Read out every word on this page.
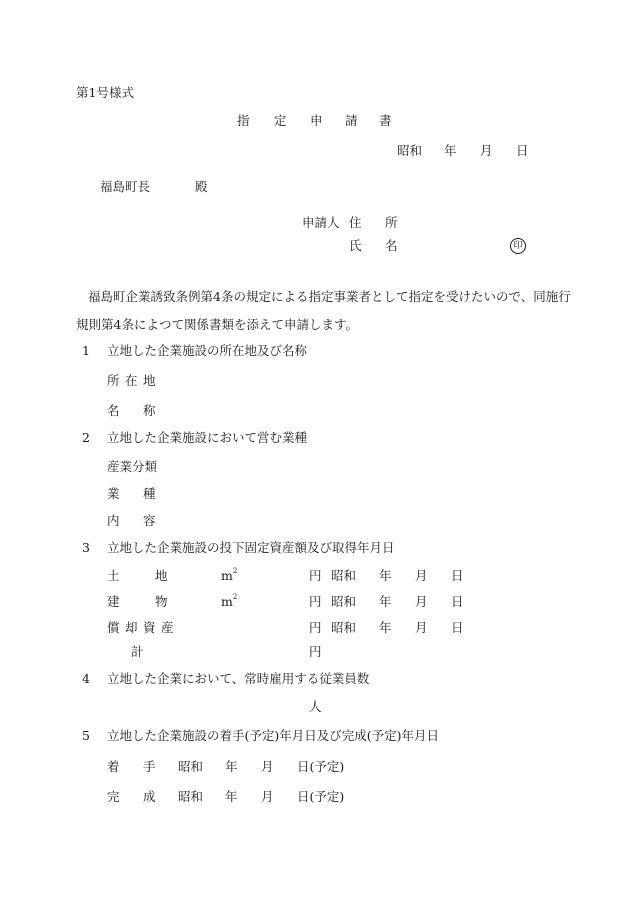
第1号様式
指 定 申 請 書
昭和 年 月 日
福島町長	殿
申請人 住 所
氏 名	印
福島町企業誘致条例第4条の規定による指定事業者として指定を受けたいので、同施行
規則第4条によつて関係書類を添えて申請します。
1 立地した企業施設の所在地及び名称
所 在 地
名 称
2 立地した企業施設において営む業種
産業分類
業 種
内 容
3 立地した企業施設の投下固定資産額及び取得年月日
土	地	$m^2$	円 昭和 年 月 日
建	物	$m^2$	円 昭和 年 月 日
償 却 資 産	円 昭和 年 月 日
計	円
4 立地した企業において、常時雇用する従業員数
人
5 立地した企業施設の着手(予定)年月日及び完成(予定)年月日
着 手 昭和 年 月 日(予定)
完 成 昭和 年 月 日(予定)
